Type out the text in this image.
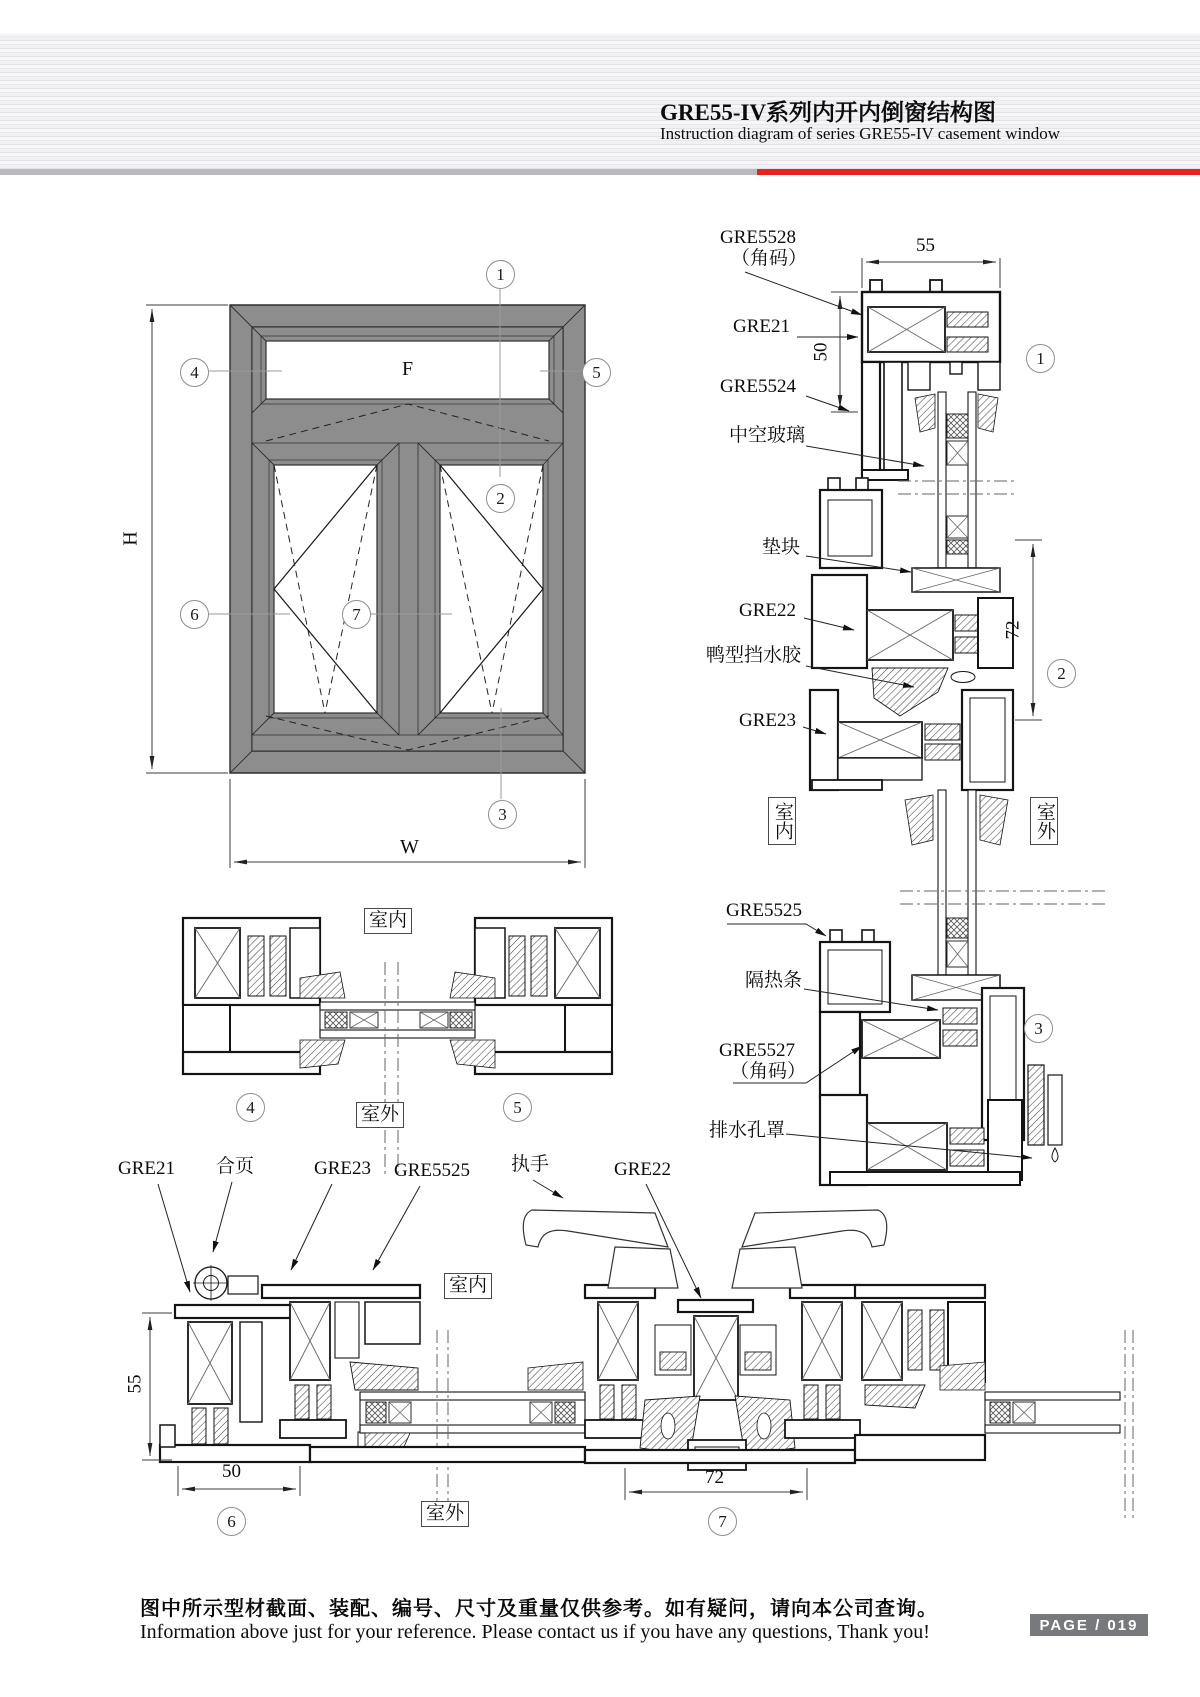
GRE55-IV系列内开内倒窗结构图
Instruction diagram of series GRE55-IV casement window
F
H
W
1
2
3
4	5
6	7
1
2
3
4	5
6	7
55
50
72
55
50	72
GRE5528
（角码）
GRE21
GRE5524
中空玻璃
垫块
GRE22
鸭型挡水胶
GRE23
GRE5525
隔热条
GRE5527
（角码）
排水孔罩
GRE21 合页	GRE23 GRE5525 执手	GRE22
室内	室外
室内
室外
室内
室外
图中所示型材截面、装配、编号、尺寸及重量仅供参考。如有疑问，请向本公司查询。
Information above just for your reference. Please contact us if you have any questions, Thank you!	PAGE / 019
